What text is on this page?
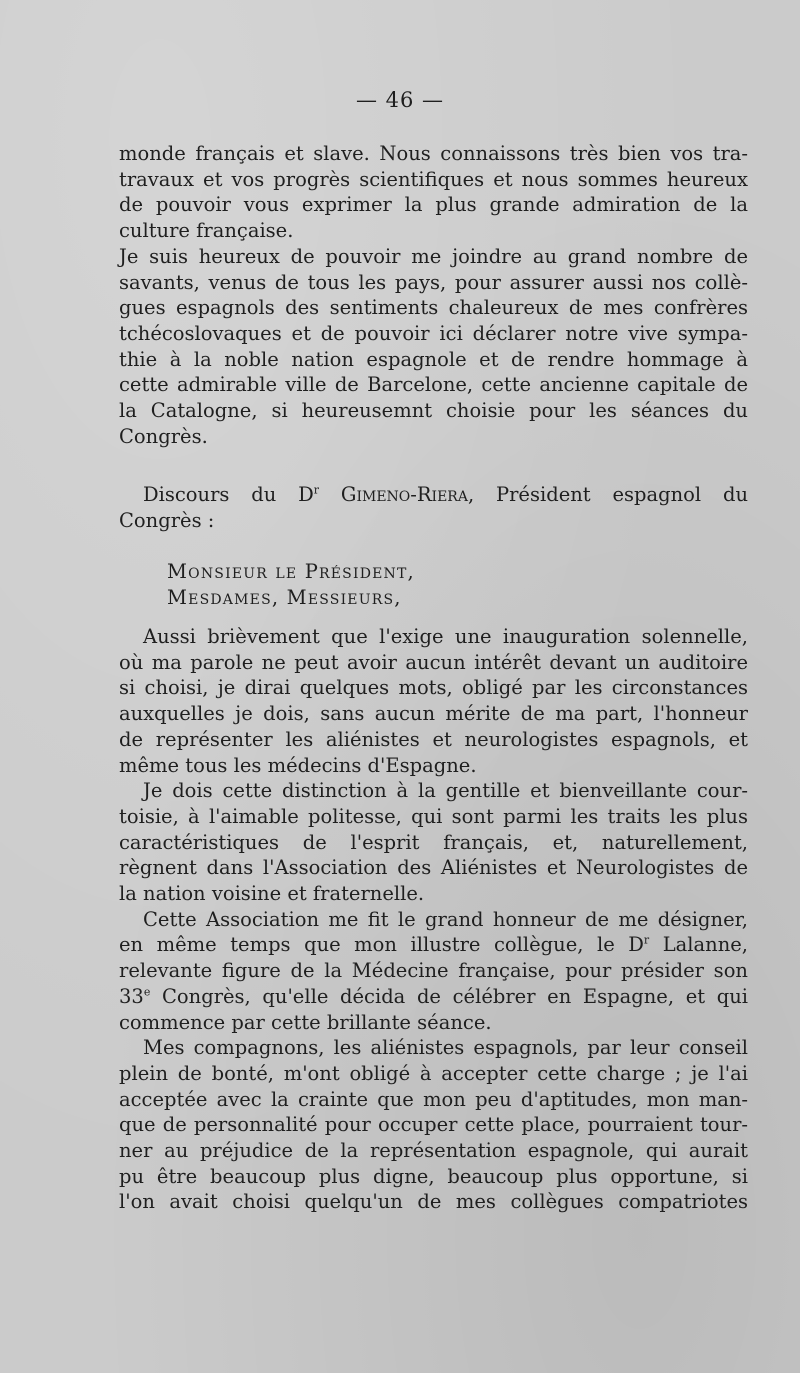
— 46 —
monde français et slave. Nous connaissons très bien vos tra-
travaux et vos progrès scientifiques et nous sommes heureux
de pouvoir vous exprimer la plus grande admiration de la
culture française.
Je suis heureux de pouvoir me joindre au grand nombre de
savants, venus de tous les pays, pour assurer aussi nos collè-
gues espagnols des sentiments chaleureux de mes confrères
tchécoslovaques et de pouvoir ici déclarer notre vive sympa-
thie à la noble nation espagnole et de rendre hommage à
cette admirable ville de Barcelone, cette ancienne capitale de
la Catalogne, si heureusemnt choisie pour les séances du
Congrès.
Discours du $D^r$ Gimeno-Riera, Président espagnol du
Congrès :
Monsieur le Président,
Mesdames, Messieurs,
Aussi brièvement que l'exige une inauguration solennelle,
où ma parole ne peut avoir aucun intérêt devant un auditoire
si choisi, je dirai quelques mots, obligé par les circonstances
auxquelles je dois, sans aucun mérite de ma part, l'honneur
de représenter les aliénistes et neurologistes espagnols, et
même tous les médecins d'Espagne.
Je dois cette distinction à la gentille et bienveillante cour-
toisie, à l'aimable politesse, qui sont parmi les traits les plus
caractéristiques de l'esprit français, et, naturellement,
règnent dans l'Association des Aliénistes et Neurologistes de
la nation voisine et fraternelle.
Cette Association me fit le grand honneur de me désigner,
en même temps que mon illustre collègue, le $D^r$ Lalanne,
relevante figure de la Médecine française, pour présider son
33e Congrès, qu'elle décida de célébrer en Espagne, et qui
commence par cette brillante séance.
Mes compagnons, les aliénistes espagnols, par leur conseil
plein de bonté, m'ont obligé à accepter cette charge ; je l'ai
acceptée avec la crainte que mon peu d'aptitudes, mon man-
que de personnalité pour occuper cette place, pourraient tour-
ner au préjudice de la représentation espagnole, qui aurait
pu être beaucoup plus digne, beaucoup plus opportune, si
l'on avait choisi quelqu'un de mes collègues compatriotes
